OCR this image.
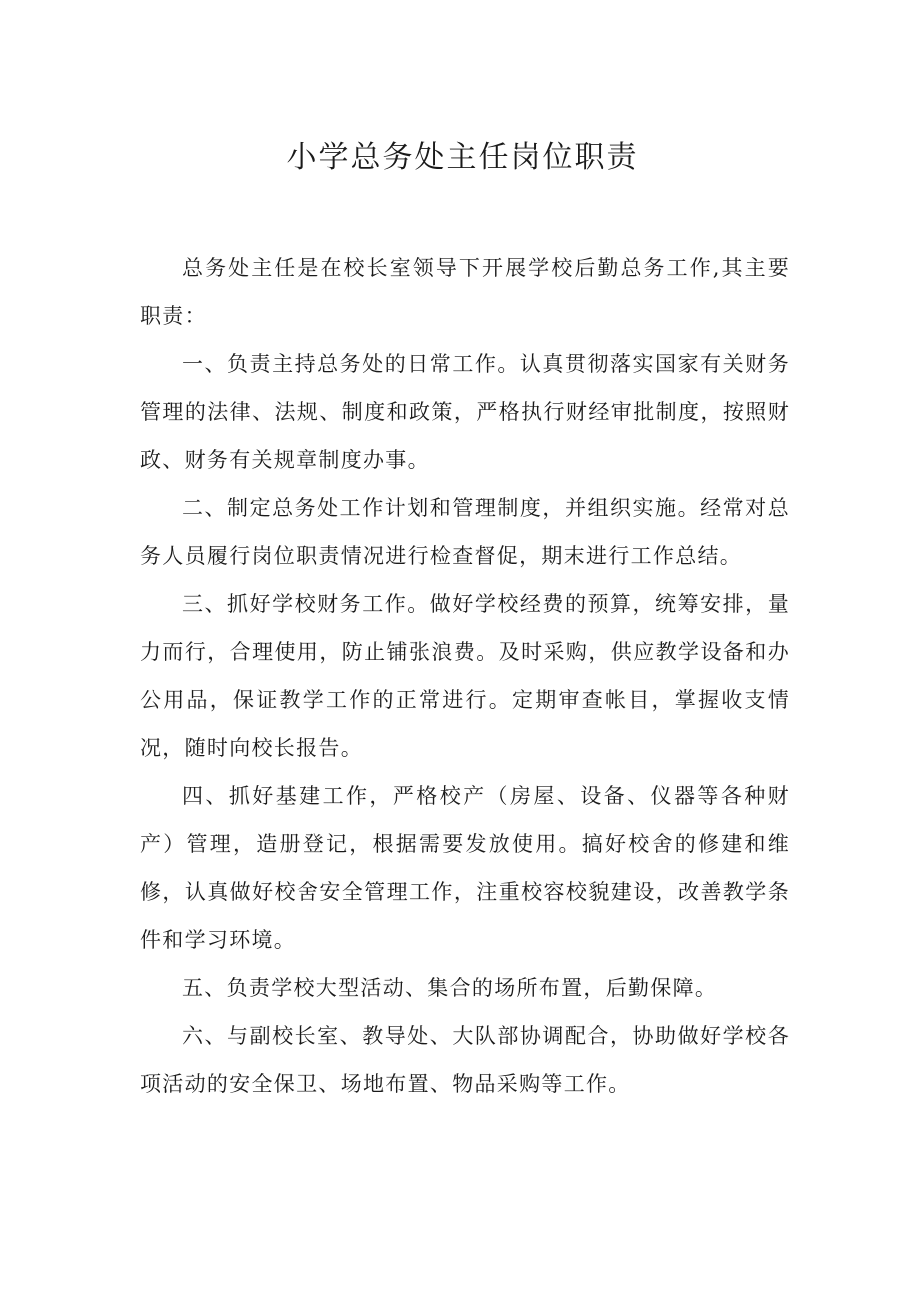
小学总务处主任岗位职责

总务处主任是在校长室领导下开展学校后勤总务工作,其主要职责：

一、负责主持总务处的日常工作。认真贯彻落实国家有关财务管理的法律、法规、制度和政策，严格执行财经审批制度，按照财政、财务有关规章制度办事。

二、制定总务处工作计划和管理制度，并组织实施。经常对总务人员履行岗位职责情况进行检查督促，期末进行工作总结。

三、抓好学校财务工作。做好学校经费的预算，统筹安排，量力而行，合理使用，防止铺张浪费。及时采购，供应教学设备和办公用品，保证教学工作的正常进行。定期审查帐目，掌握收支情况，随时向校长报告。

四、抓好基建工作，严格校产（房屋、设备、仪器等各种财产）管理，造册登记，根据需要发放使用。搞好校舍的修建和维修，认真做好校舍安全管理工作，注重校容校貌建设，改善教学条件和学习环境。

五、负责学校大型活动、集合的场所布置，后勤保障。

六、与副校长室、教导处、大队部协调配合，协助做好学校各项活动的安全保卫、场地布置、物品采购等工作。
